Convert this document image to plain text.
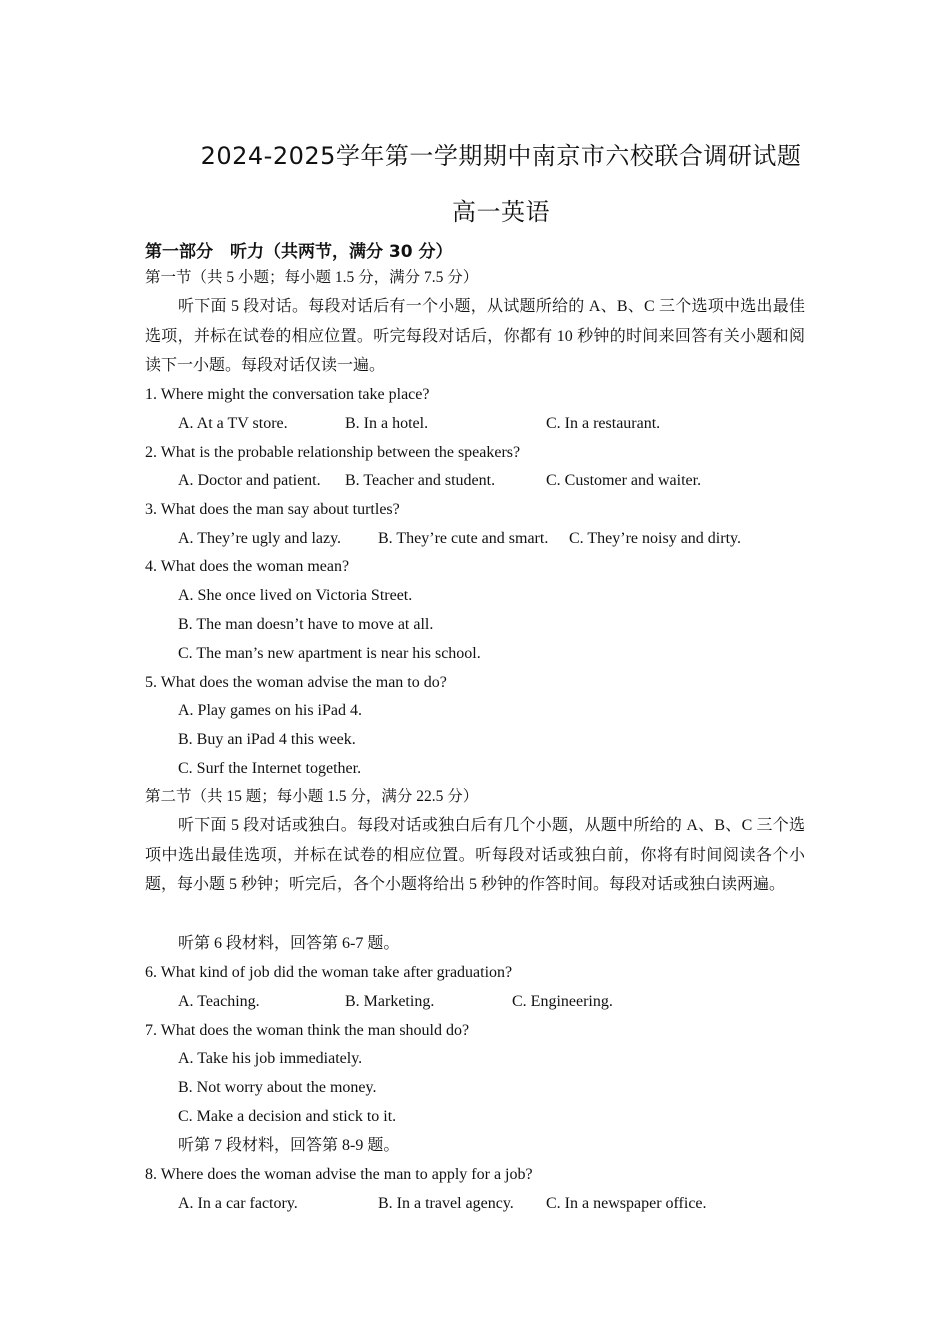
2024-2025学年第一学期期中南京市六校联合调研试题
高一英语
第一部分　听力（共两节，满分 30 分）
第一节（共 5 小题；每小题 1.5 分，满分 7.5 分）
听下面 5 段对话。每段对话后有一个小题，从试题所给的 A、B、C 三个选项中选出最佳选项，并标在试卷的相应位置。听完每段对话后，你都有 10 秒钟的时间来回答有关小题和阅读下一小题。每段对话仅读一遍。
1. Where might the conversation take place?
A. At a TV store.	B. In a hotel.	C. In a restaurant.
2. What is the probable relationship between the speakers?
A. Doctor and patient. B. Teacher and student.	C. Customer and waiter.
3. What does the man say about turtles?
A. They’re ugly and lazy. B. They’re cute and smart. C. They’re noisy and dirty.
4. What does the woman mean?
A. She once lived on Victoria Street.
B. The man doesn’t have to move at all.
C. The man’s new apartment is near his school.
5. What does the woman advise the man to do?
A. Play games on his iPad 4.
B. Buy an iPad 4 this week.
C. Surf the Internet together.
第二节（共 15 题；每小题 1.5 分，满分 22.5 分）
听下面 5 段对话或独白。每段对话或独白后有几个小题，从题中所给的 A、B、C 三个选项中选出最佳选项，并标在试卷的相应位置。听每段对话或独白前，你将有时间阅读各个小题，每小题 5 秒钟；听完后，各个小题将给出 5 秒钟的作答时间。每段对话或独白读两遍。
听第 6 段材料，回答第 6-7 题。
6. What kind of job did the woman take after graduation?
A. Teaching.	B. Marketing.	C. Engineering.
7. What does the woman think the man should do?
A. Take his job immediately.
B. Not worry about the money.
C. Make a decision and stick to it.
听第 7 段材料，回答第 8-9 题。
8. Where does the woman advise the man to apply for a job?
A. In a car factory.	B. In a travel agency. C. In a newspaper office.
